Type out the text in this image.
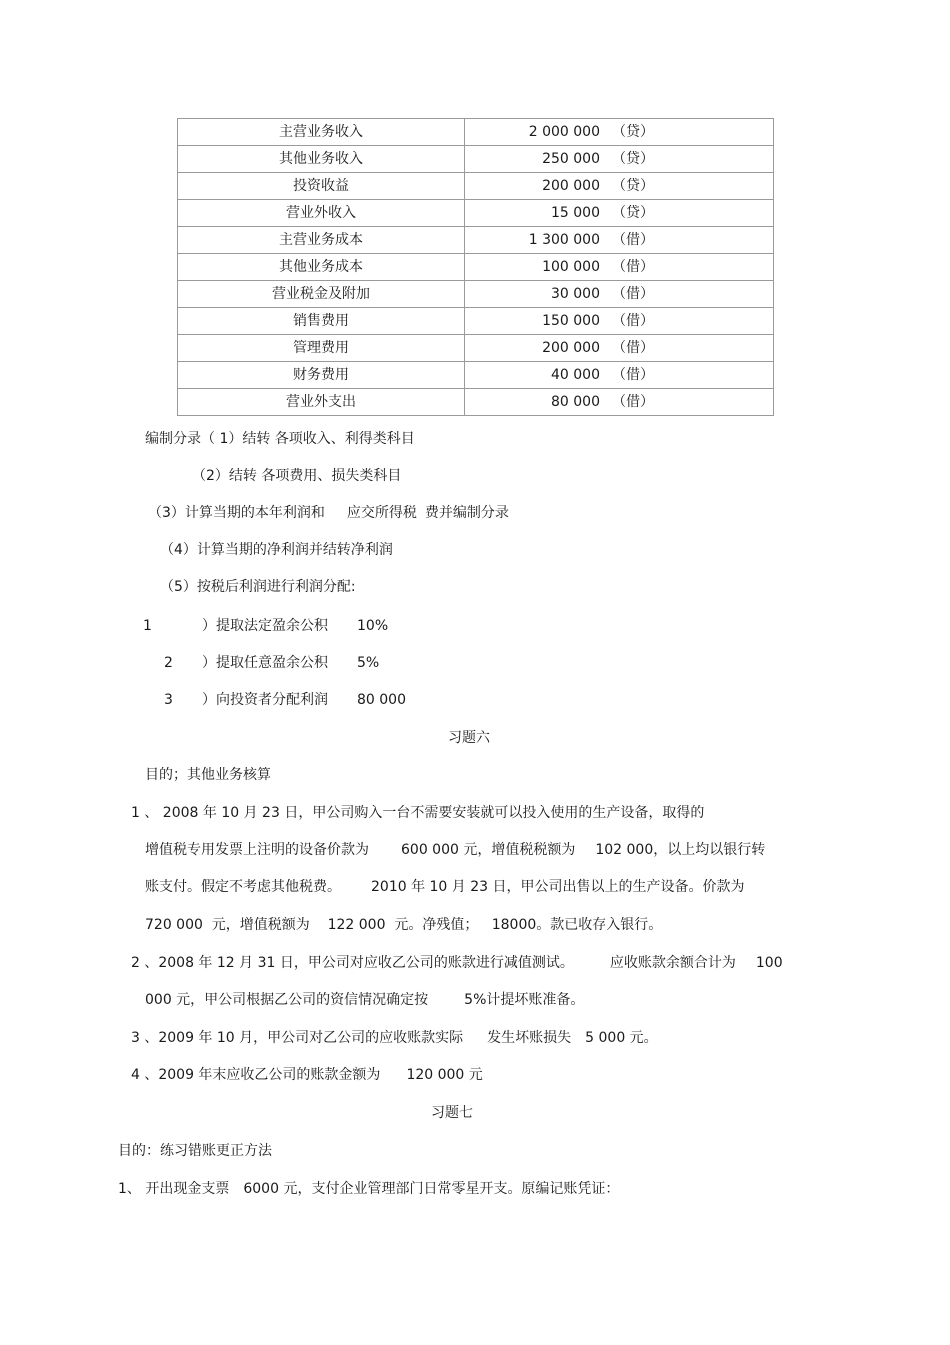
主营业务收入	2 000 000 （贷）
其他业务收入	250 000 （贷）
投资收益	200 000 （贷）
营业外收入	15 000 （贷）
主营业务成本	1 300 000 （借）
其他业务成本	100 000 （借）
营业税金及附加	30 000 （借）
销售费用	150 000 （借）
管理费用	200 000 （借）
财务费用	40 000 （借）
营业外支出	80 000 （借）
编制分录（ 1）结转 各项收入、利得类科目
（2）结转 各项费用、损失类科目
（3）计算当期的本年利润和 应交所得税 费并编制分录
（4）计算当期的净利润并结转净利润
（5）按税后利润进行利润分配:
1	）提取法定盈余公积 10%
2 ）提取任意盈余公积 5%
3 ）向投资者分配利润 80 000
习题六
目的；其他业务核算
1 、 2008 年 10 月 23 日，甲公司购入一台不需要安装就可以投入使用的生产设备，取得的
增值税专用发票上注明的设备价款为 600 000 元，增值税税额为 102 000，以上均以银行转
账支付。假定不考虑其他税费。 2010 年 10 月 23 日，甲公司出售以上的生产设备。价款为
720 000  元，增值税额为    122 000  元。净残值；   18000。款已收存入银行。
2 、2008 年 12 月 31 日，甲公司对应收乙公司的账款进行减值测试。	应收账款余额合计为 100
000 元，甲公司根据乙公司的资信情况确定按	5%计提坏账准备。
3 、2009 年 10 月，甲公司对乙公司的应收账款实际 发生坏账损失 5 000 元。
4 、2009 年末应收乙公司的账款金额为 120 000 元
习题七
目的：练习错账更正方法
1、 开出现金支票 6000 元，支付企业管理部门日常零星开支。原编记账凭证：
